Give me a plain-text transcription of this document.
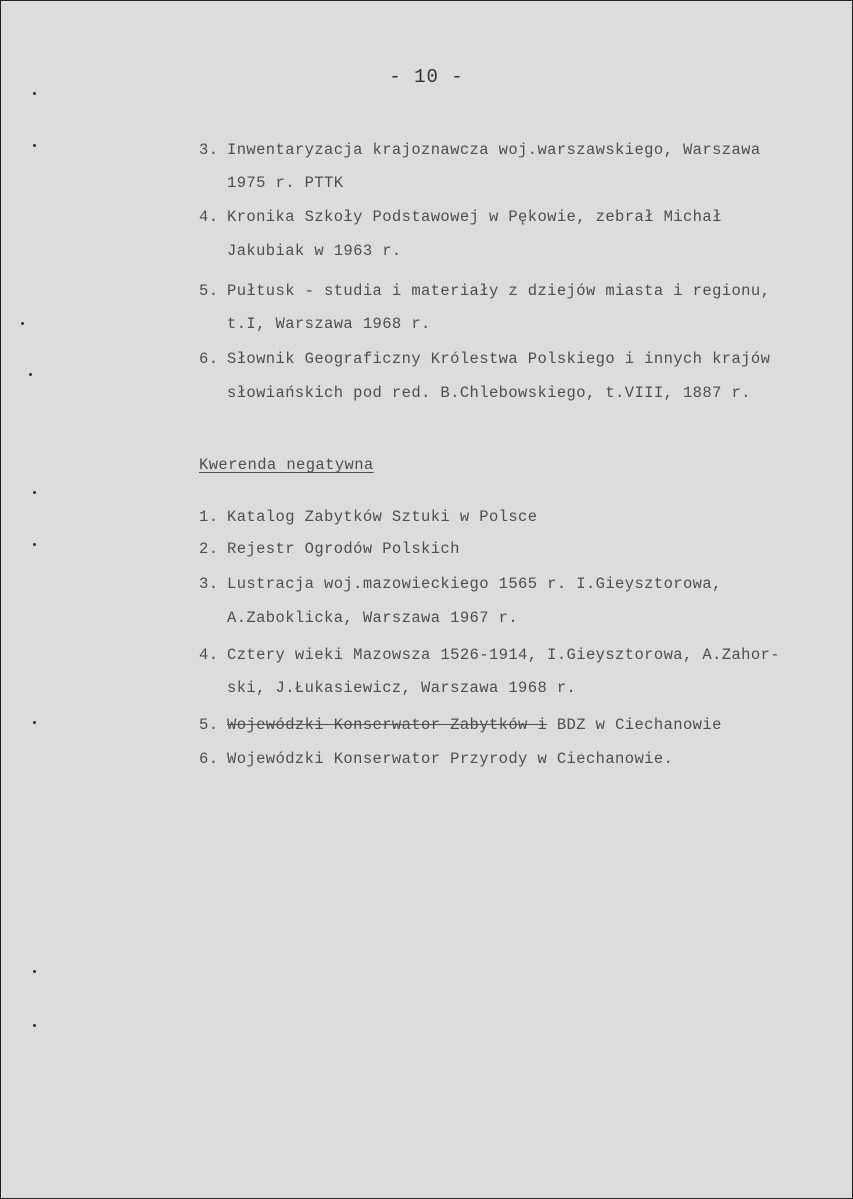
- 10 -
3. Inwentaryzacja krajoznawcza woj.warszawskiego, Warszawa
1975 r. PTTK
4. Kronika Szkoły Podstawowej w Pękowie, zebrał Michał
Jakubiak w 1963 r.
5. Pułtusk - studia i materiały z dziejów miasta i regionu,
t.I, Warszawa 1968 r.
6. Słownik Geograficzny Królestwa Polskiego i innych krajów
słowiańskich pod red. B.Chlebowskiego, t.VIII, 1887 r.
Kwerenda negatywna
1. Katalog Zabytków Sztuki w Polsce
2. Rejestr Ogrodów Polskich
3. Lustracja woj.mazowieckiego 1565 r. I.Gieysztorowa,
A.Zaboklicka, Warszawa 1967 r.
4. Cztery wieki Mazowsza 1526-1914, I.Gieysztorowa, A.Zahor-
ski, J.Łukasiewicz, Warszawa 1968 r.
5. Wojewódzki Konserwator Zabytków i BDZ w Ciechanowie
6. Wojewódzki Konserwator Przyrody w Ciechanowie.
